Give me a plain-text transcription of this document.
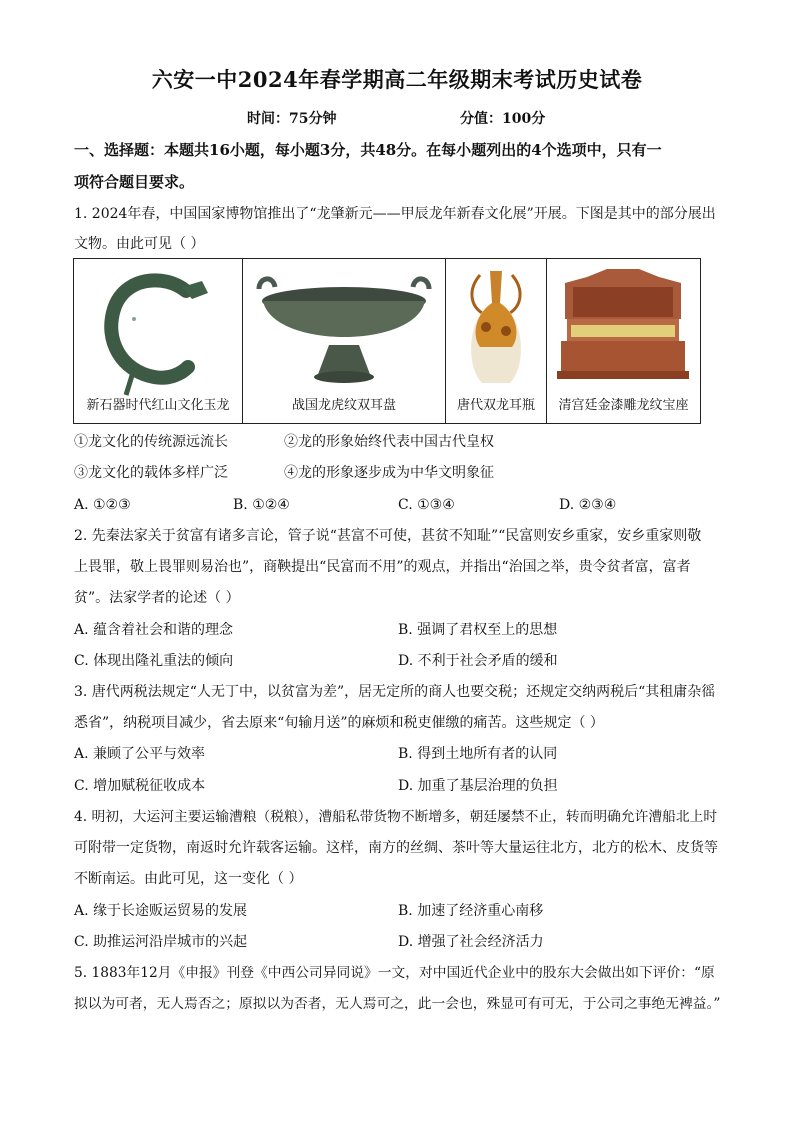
六安一中2024年春学期高二年级期末考试历史试卷
时间：75分钟	分值：100分
一、选择题：本题共16小题，每小题3分，共48分。在每小题列出的4个选项中，只有一
项符合题目要求。
1. 2024年春，中国国家博物馆推出了“龙肇新元——甲辰龙年新春文化展”开展。下图是其中的部分展出
文物。由此可见（ ）
新石器时代红山文化玉龙	战国龙虎纹双耳盘	唐代双龙耳瓶	清宫廷金漆雕龙纹宝座
①龙文化的传统源远流长	②龙的形象始终代表中国古代皇权
③龙文化的载体多样广泛	④龙的形象逐步成为中华文明象征
A. ①②③	B. ①②④	C. ①③④	D. ②③④
2. 先秦法家关于贫富有诸多言论，管子说“甚富不可使，甚贫不知耻”“民富则安乡重家，安乡重家则敬
上畏罪，敬上畏罪则易治也”，商鞅提出“民富而不用”的观点，并指出“治国之举，贵令贫者富，富者
贫”。法家学者的论述（ ）
A. 蕴含着社会和谐的理念	B. 强调了君权至上的思想
C. 体现出隆礼重法的倾向	D. 不利于社会矛盾的缓和
3. 唐代两税法规定“人无丁中，以贫富为差”，居无定所的商人也要交税；还规定交纳两税后“其租庸杂徭
悉省”，纳税项目减少，省去原来“旬输月送”的麻烦和税吏催缴的痛苦。这些规定（ ）
A. 兼顾了公平与效率	B. 得到土地所有者的认同
C. 增加赋税征收成本	D. 加重了基层治理的负担
4. 明初，大运河主要运输漕粮（税粮），漕船私带货物不断增多，朝廷屡禁不止，转而明确允许漕船北上时
可附带一定货物，南返时允许载客运输。这样，南方的丝绸、茶叶等大量运往北方，北方的松木、皮货等
不断南运。由此可见，这一变化（ ）
A. 缘于长途贩运贸易的发展	B. 加速了经济重心南移
C. 助推运河沿岸城市的兴起	D. 增强了社会经济活力
5. 1883年12月《申报》刊登《中西公司异同说》一文，对中国近代企业中的股东大会做出如下评价：“原
拟以为可者，无人焉否之；原拟以为否者，无人焉可之，此一会也，殊显可有可无，于公司之事绝无裨益。”
